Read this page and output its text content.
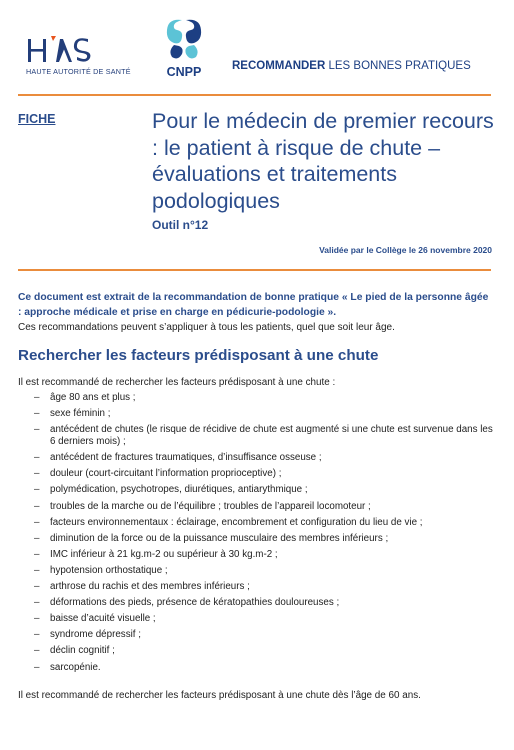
HAUTE AUTORITÉ DE SANTÉ	CNPP	RECOMMANDER LES BONNES PRATIQUES
FICHE	Pour le médecin de premier recours : le patient à risque de chute – évaluations et traitements podologiques
Outil n°12
Validée par le Collège le 26 novembre 2020

Ce document est extrait de la recommandation de bonne pratique « Le pied de la personne âgée : approche médicale et prise en charge en pédicurie-podologie ».

Ces recommandations peuvent s’appliquer à tous les patients, quel que soit leur âge.
Rechercher les facteurs prédisposant à une chute
Il est recommandé de rechercher les facteurs prédisposant à une chute :
– âge 80 ans et plus ;
– sexe féminin ;
– antécédent de chutes (le risque de récidive de chute est augmenté si une chute est survenue dans les 6 derniers mois) ;
– antécédent de fractures traumatiques, d’insuffisance osseuse ;
– douleur (court-circuitant l’information proprioceptive) ;
– polymédication, psychotropes, diurétiques, antiarythmique ;
– troubles de la marche ou de l’équilibre ; troubles de l’appareil locomoteur ;
– facteurs environnementaux : éclairage, encombrement et configuration du lieu de vie ;
– diminution de la force ou de la puissance musculaire des membres inférieurs ;
– IMC inférieur à 21 kg.m-2 ou supérieur à 30 kg.m-2 ;
– hypotension orthostatique ;
– arthrose du rachis et des membres inférieurs ;
– déformations des pieds, présence de kératopathies douloureuses ;
– baisse d’acuité visuelle ;
– syndrome dépressif ;
– déclin cognitif ;
– sarcopénie.
Il est recommandé de rechercher les facteurs prédisposant à une chute dès l’âge de 60 ans.
